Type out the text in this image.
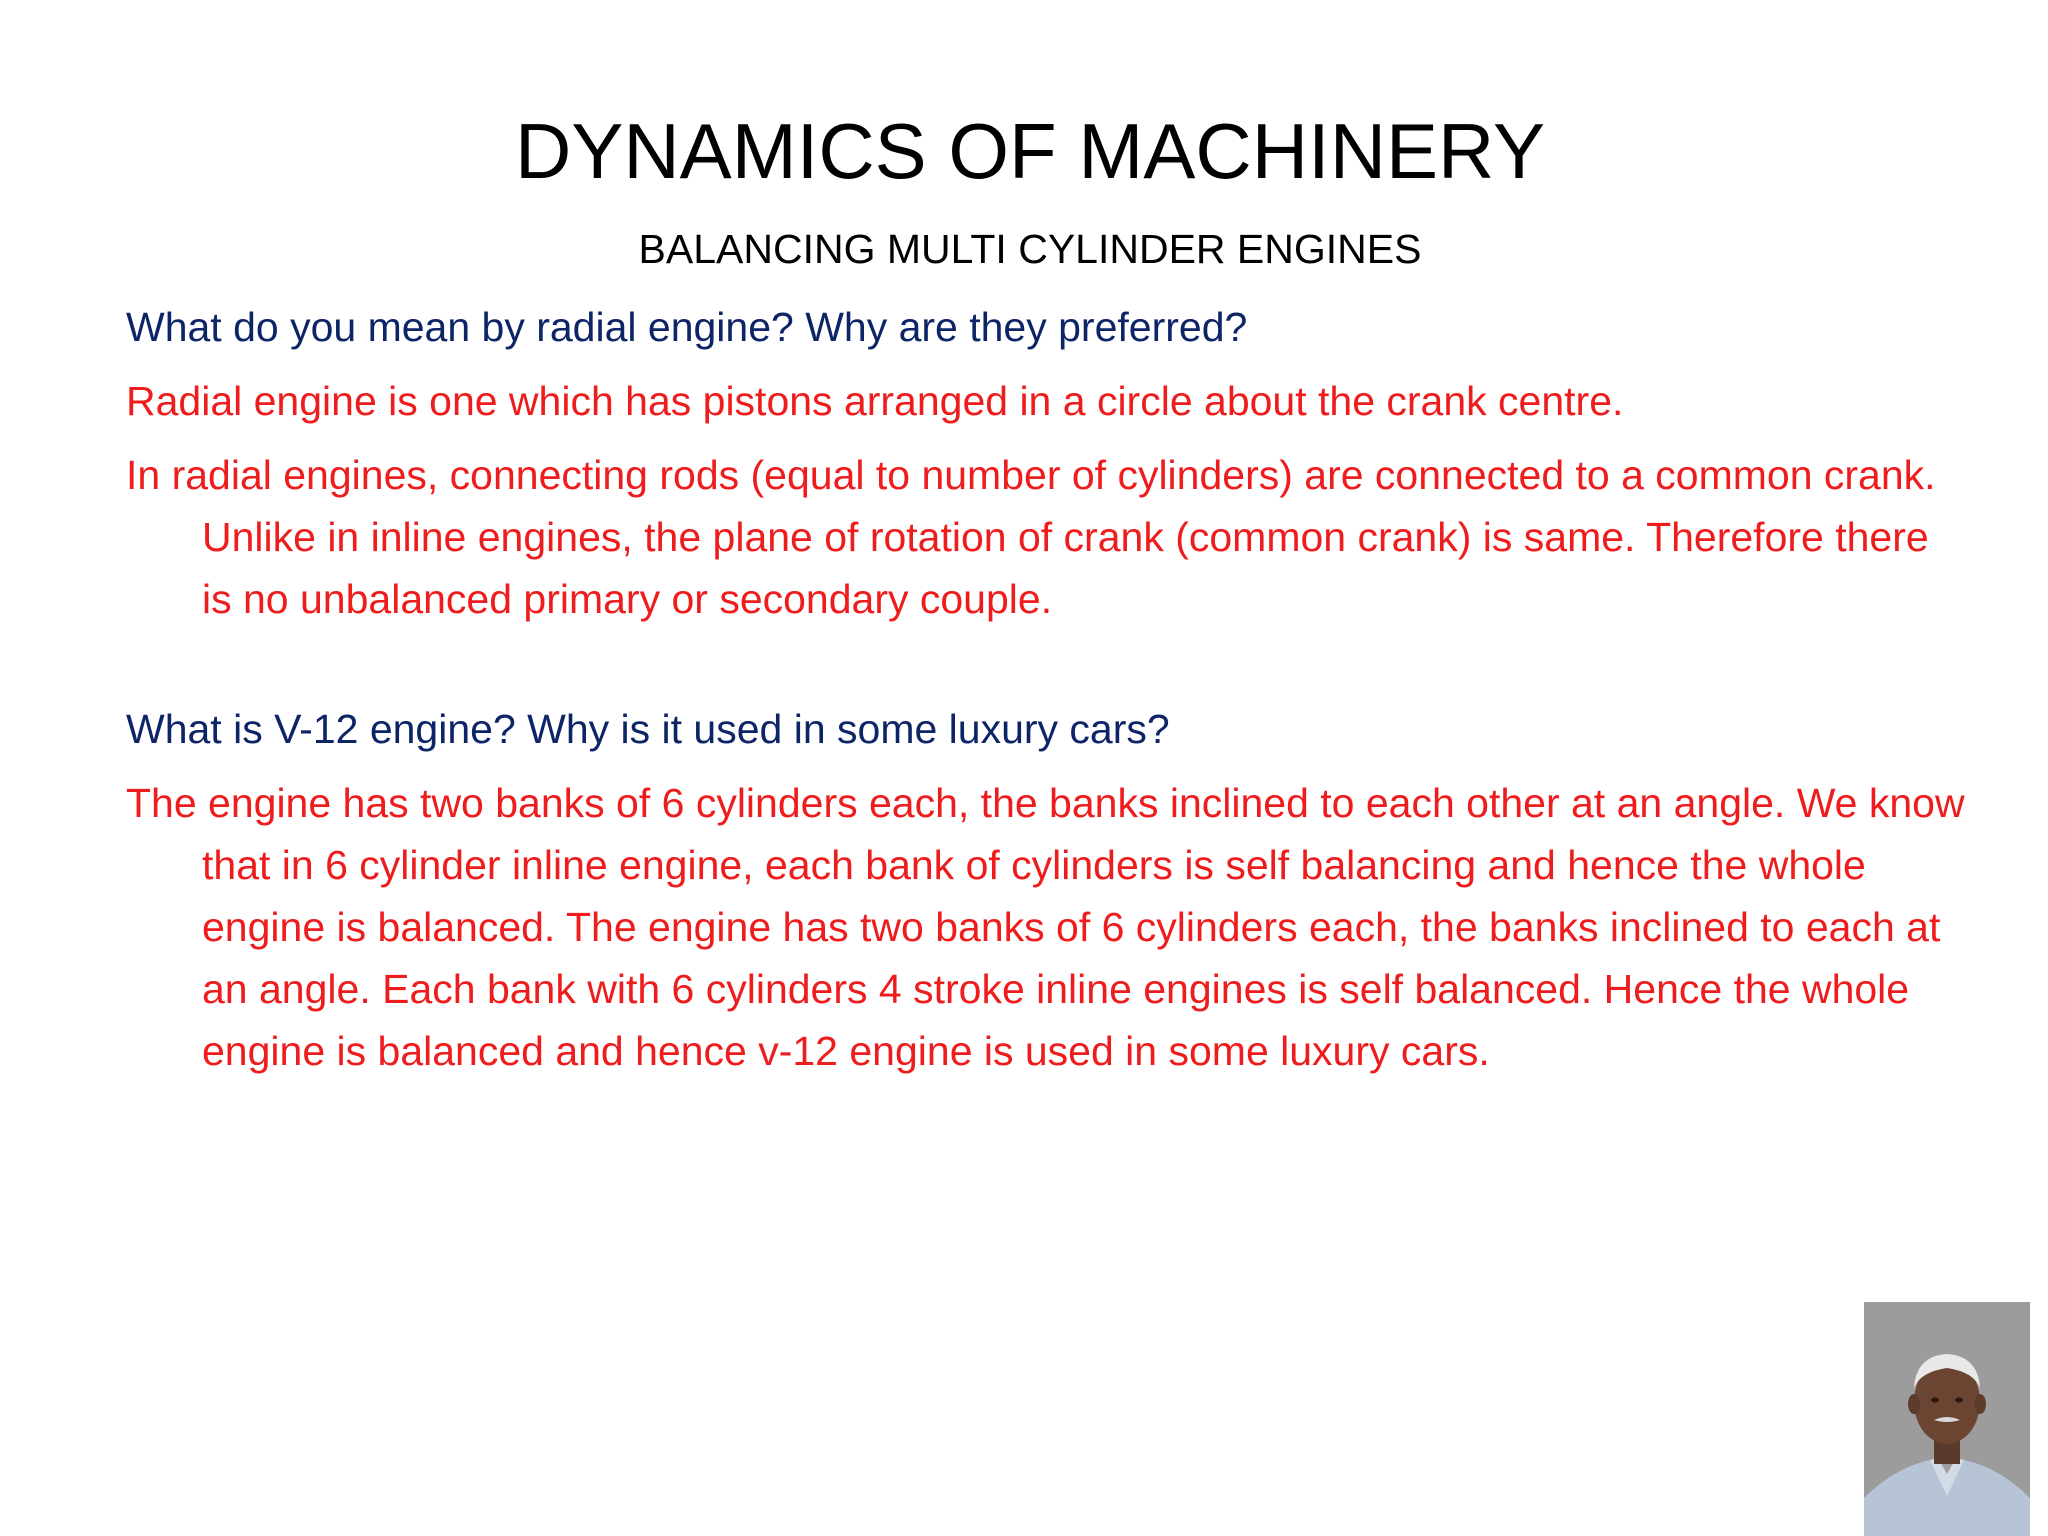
DYNAMICS OF MACHINERY
BALANCING MULTI CYLINDER ENGINES

What do you mean by radial engine? Why are they preferred?

Radial engine is one which has pistons arranged in a circle about the crank centre.

In radial engines, connecting rods (equal to number of cylinders) are connected to a common crank. Unlike in inline engines, the plane of rotation of crank (common crank) is same. Therefore there is no unbalanced primary or secondary couple.

What is V-12 engine? Why is it used in some luxury cars?

The engine has two banks of 6 cylinders each, the banks inclined to each other at an angle. We know that in 6 cylinder inline engine, each bank of cylinders is self balancing and hence the whole engine is balanced. The engine has two banks of 6 cylinders each, the banks inclined to each at an angle. Each bank with 6 cylinders 4 stroke inline engines is self balanced. Hence the whole engine is balanced and hence v-12 engine is used in some luxury cars.
